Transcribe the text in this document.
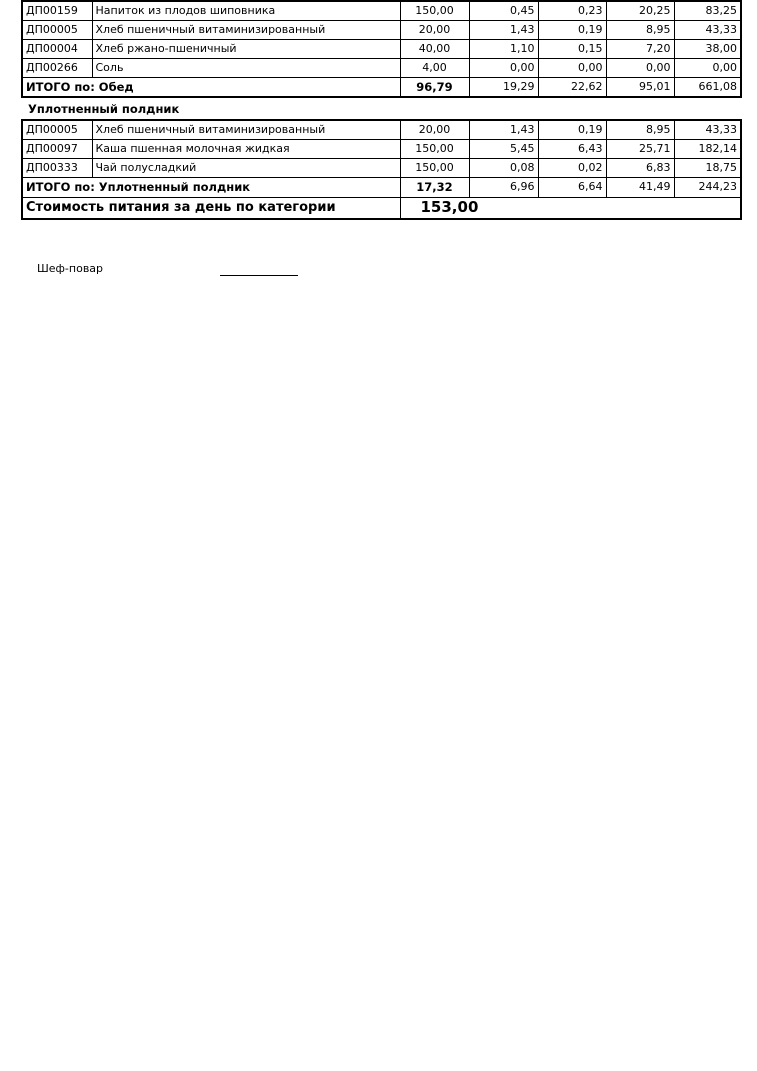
ДП00159	Напиток из плодов шиповника	150,00	0,45	0,23	20,25	83,25
ДП00005	Хлеб пшеничный витаминизированный	20,00	1,43	0,19	8,95	43,33
ДП00004	Хлеб ржано-пшеничный	40,00	1,10	0,15	7,20	38,00
ДП00266	Соль	4,00	0,00	0,00	0,00	0,00
ИТОГО по: Обед		96,79	19,29	22,62	95,01	661,08
Уплотненный полдник
ДП00005	Хлеб пшеничный витаминизированный	20,00	1,43	0,19	8,95	43,33
ДП00097	Каша пшенная молочная жидкая	150,00	5,45	6,43	25,71	182,14
ДП00333	Чай полусладкий	150,00	0,08	0,02	6,83	18,75
ИТОГО по: Уплотненный полдник		17,32	6,96	6,64	41,49	244,23
Стоимость питания за день по категории		153,00				
Шеф-повар
